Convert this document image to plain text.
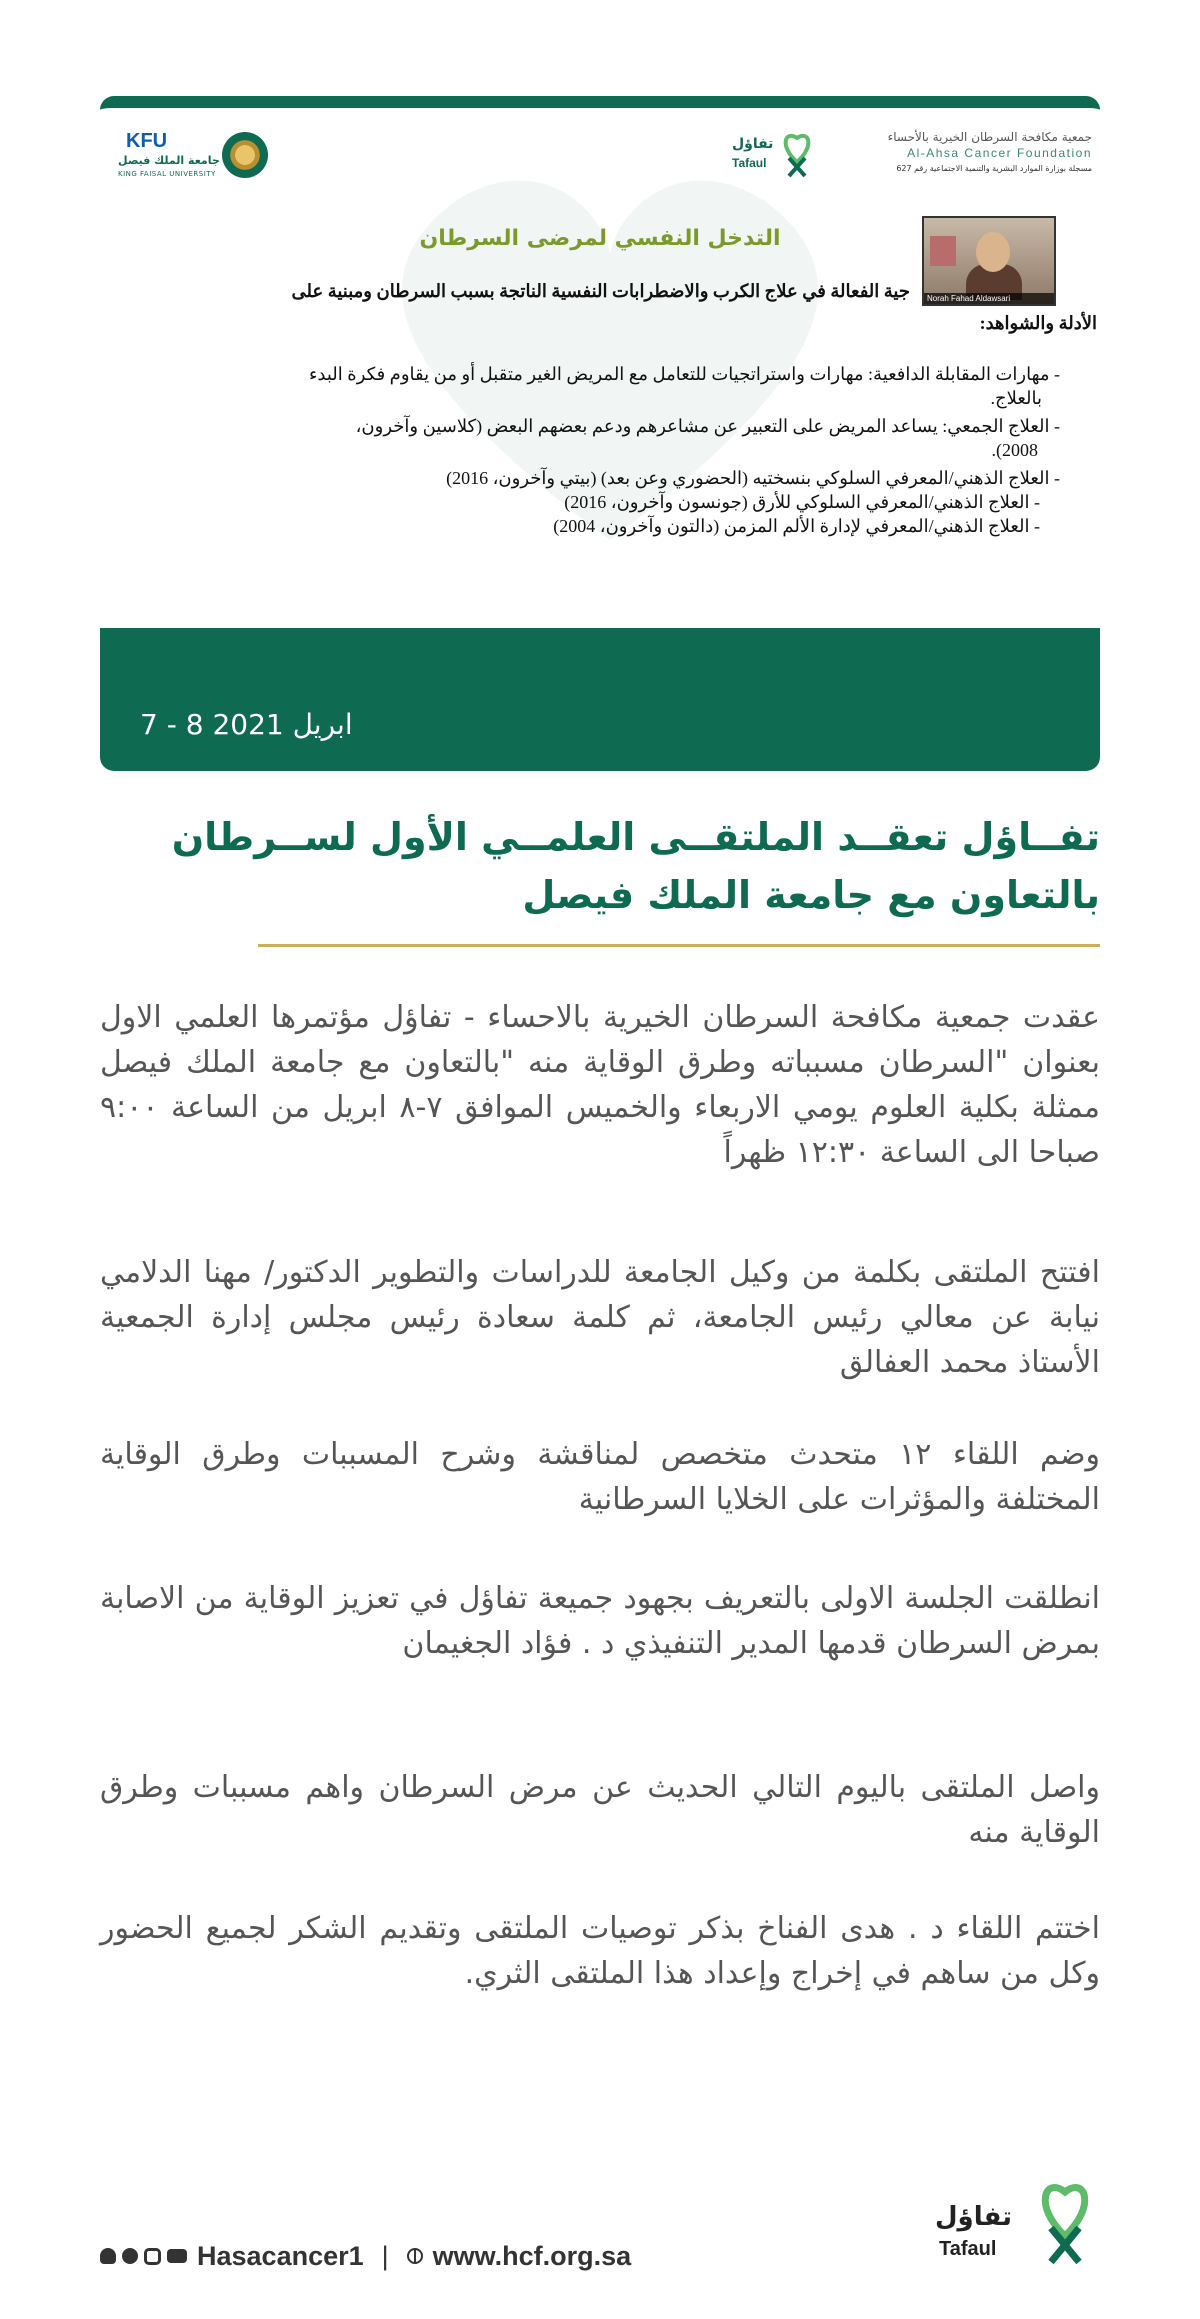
KFU
جامعة الملك فيصل
KING FAISAL UNIVERSITY
تفاؤل
Tafaul
جمعية مكافحة السرطان الخيرية بالأحساء
Al-Ahsa Cancer Foundation
مسجلة بوزارة الموارد البشرية والتنمية الاجتماعية رقم 627
التدخل النفسي لمرضى السرطان
Norah Fahad Aldawsari
جية الفعالة في علاج الكرب والاضطرابات النفسية الناتجة بسبب السرطان ومبنية على
الأدلة والشواهد:
- مهارات المقابلة الدافعية: مهارات واستراتجيات للتعامل مع المريض الغير متقبل أو من يقاوم فكرة البدء
بالعلاج.
- العلاج الجمعي: يساعد المريض على التعبير عن مشاعرهم ودعم بعضهم البعض (كلاسين وآخرون،
2008).
- العلاج الذهني/المعرفي السلوكي بنسختيه (الحضوري وعن بعد) (بيتي وآخرون، 2016)
- العلاج الذهني/المعرفي السلوكي للأرق (جونسون وآخرون، 2016)
- العلاج الذهني/المعرفي لإدارة الألم المزمن (دالتون وآخرون، 2004)
7 - 8 ابريل 2021
تفــاؤل تعقــد الملتقــى العلمــي الأول لســرطان
بالتعاون مع جامعة الملك فيصل
عقدت جمعية مكافحة السرطان الخيرية بالاحساء - تفاؤل مؤتمرها العلمي الاول بعنوان "السرطان مسبباته وطرق الوقاية منه "بالتعاون مع جامعة الملك فيصل ممثلة بكلية العلوم يومي الاربعاء والخميس الموافق ٧-٨ ابريل من الساعة ٩:٠٠ صباحا الى الساعة ١٢:٣٠ ظهراً
افتتح الملتقى بكلمة من وكيل الجامعة للدراسات والتطوير الدكتور/ مهنا الدلامي نيابة عن معالي رئيس الجامعة، ثم كلمة سعادة رئيس مجلس إدارة الجمعية الأستاذ محمد العفالق
وضم اللقاء ١٢ متحدث متخصص لمناقشة وشرح المسببات وطرق الوقاية المختلفة والمؤثرات على الخلايا السرطانية
انطلقت الجلسة الاولى بالتعريف بجهود جميعة تفاؤل في تعزيز الوقاية من الاصابة بمرض السرطان قدمها المدير التنفيذي د . فؤاد الجغيمان
واصل الملتقى باليوم التالي الحديث عن مرض السرطان واهم مسببات وطرق الوقاية منه
اختتم اللقاء د . هدى الفناخ بذكر توصيات الملتقى وتقديم الشكر لجميع الحضور وكل من ساهم في إخراج وإعداد هذا الملتقى الثري.
Hasacancer1 | www.hcf.org.sa
تفاؤل
Tafaul
